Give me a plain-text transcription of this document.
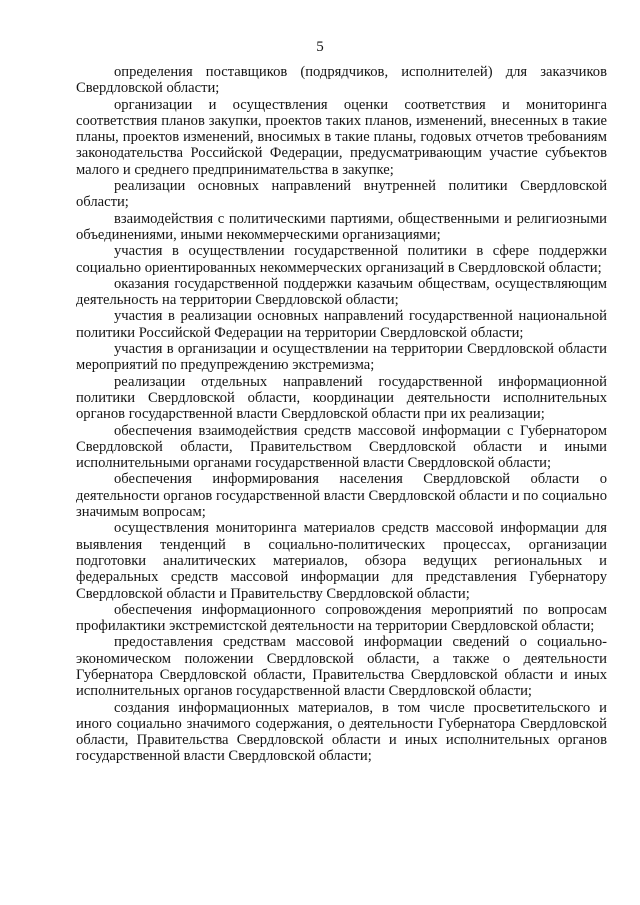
5

определения поставщиков (подрядчиков, исполнителей) для заказчиков Свердловской области;

организации и осуществления оценки соответствия и мониторинга соответствия планов закупки, проектов таких планов, изменений, внесенных в такие планы, проектов изменений, вносимых в такие планы, годовых отчетов требованиям законодательства Российской Федерации, предусматривающим участие субъектов малого и среднего предпринимательства в закупке;

реализации основных направлений внутренней политики Свердловской области;

взаимодействия с политическими партиями, общественными и религиозными объединениями, иными некоммерческими организациями;

участия в осуществлении государственной политики в сфере поддержки социально ориентированных некоммерческих организаций в Свердловской области;

оказания государственной поддержки казачьим обществам, осуществляющим деятельность на территории Свердловской области;

участия в реализации основных направлений государственной национальной политики Российской Федерации на территории Свердловской области;

участия в организации и осуществлении на территории Свердловской области мероприятий по предупреждению экстремизма;

реализации отдельных направлений государственной информационной политики Свердловской области, координации деятельности исполнительных органов государственной власти Свердловской области при их реализации;

обеспечения взаимодействия средств массовой информации с Губернатором Свердловской области, Правительством Свердловской области и иными исполнительными органами государственной власти Свердловской области;

обеспечения информирования населения Свердловской области о деятельности органов государственной власти Свердловской области и по социально значимым вопросам;

осуществления мониторинга материалов средств массовой информации для выявления тенденций в социально-политических процессах, организации подготовки аналитических материалов, обзора ведущих региональных и федеральных средств массовой информации для представления Губернатору Свердловской области и Правительству Свердловской области;

обеспечения информационного сопровождения мероприятий по вопросам профилактики экстремистской деятельности на территории Свердловской области;

предоставления средствам массовой информации сведений о социально-экономическом положении Свердловской области, а также о деятельности Губернатора Свердловской области, Правительства Свердловской области и иных исполнительных органов государственной власти Свердловской области;

создания информационных материалов, в том числе просветительского и иного социально значимого содержания, о деятельности Губернатора Свердловской области, Правительства Свердловской области и иных исполнительных органов государственной власти Свердловской области;
